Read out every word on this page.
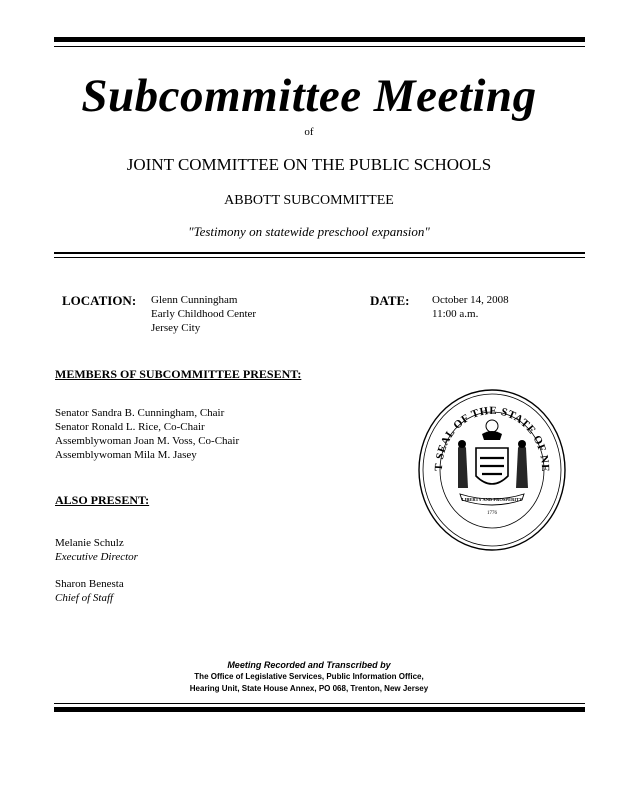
Subcommittee Meeting
of
JOINT COMMITTEE ON THE PUBLIC SCHOOLS
ABBOTT SUBCOMMITTEE
"Testimony on statewide preschool expansion"
LOCATION: Glenn Cunningham
Early Childhood Center
Jersey City
DATE: October 14, 2008
11:00 a.m.
MEMBERS OF SUBCOMMITTEE PRESENT:
Senator Sandra B. Cunningham, Chair
Senator Ronald L. Rice, Co-Chair
Assemblywoman Joan M. Voss, Co-Chair
Assemblywoman Mila M. Jasey
ALSO PRESENT:
Melanie Schulz
Executive Director
Sharon Benesta
Chief of Staff
T SEAL OF THE STATE OF NE
LIBERTY AND PROSPERITY
1776
Meeting Recorded and Transcribed by
The Office of Legislative Services, Public Information Office,
Hearing Unit, State House Annex, PO 068, Trenton, New Jersey
